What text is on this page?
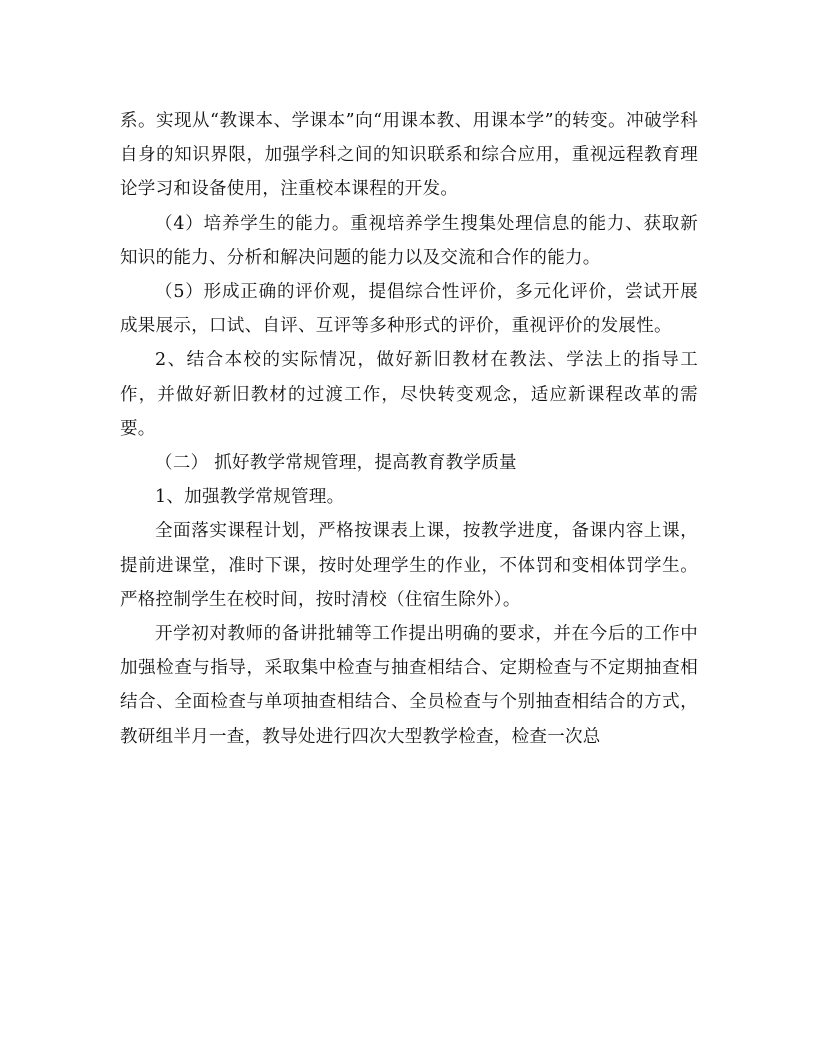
系。实现从“教课本、学课本”向“用课本教、用课本学”的转变。冲破学科自身的知识界限，加强学科之间的知识联系和综合应用，重视远程教育理论学习和设备使用，注重校本课程的开发。

（4）培养学生的能力。重视培养学生搜集处理信息的能力、获取新知识的能力、分析和解决问题的能力以及交流和合作的能力。

（5）形成正确的评价观，提倡综合性评价，多元化评价，尝试开展成果展示，口试、自评、互评等多种形式的评价，重视评价的发展性。

2、结合本校的实际情况，做好新旧教材在教法、学法上的指导工作，并做好新旧教材的过渡工作，尽快转变观念，适应新课程改革的需要。

（二） 抓好教学常规管理，提高教育教学质量

1、加强教学常规管理。

全面落实课程计划，严格按课表上课，按教学进度，备课内容上课，提前进课堂，准时下课，按时处理学生的作业，不体罚和变相体罚学生。严格控制学生在校时间，按时清校（住宿生除外）。

开学初对教师的备讲批辅等工作提出明确的要求，并在今后的工作中加强检查与指导，采取集中检查与抽查相结合、定期检查与不定期抽查相结合、全面检查与单项抽查相结合、全员检查与个别抽查相结合的方式，教研组半月一查，教导处进行四次大型教学检查，检查一次总
